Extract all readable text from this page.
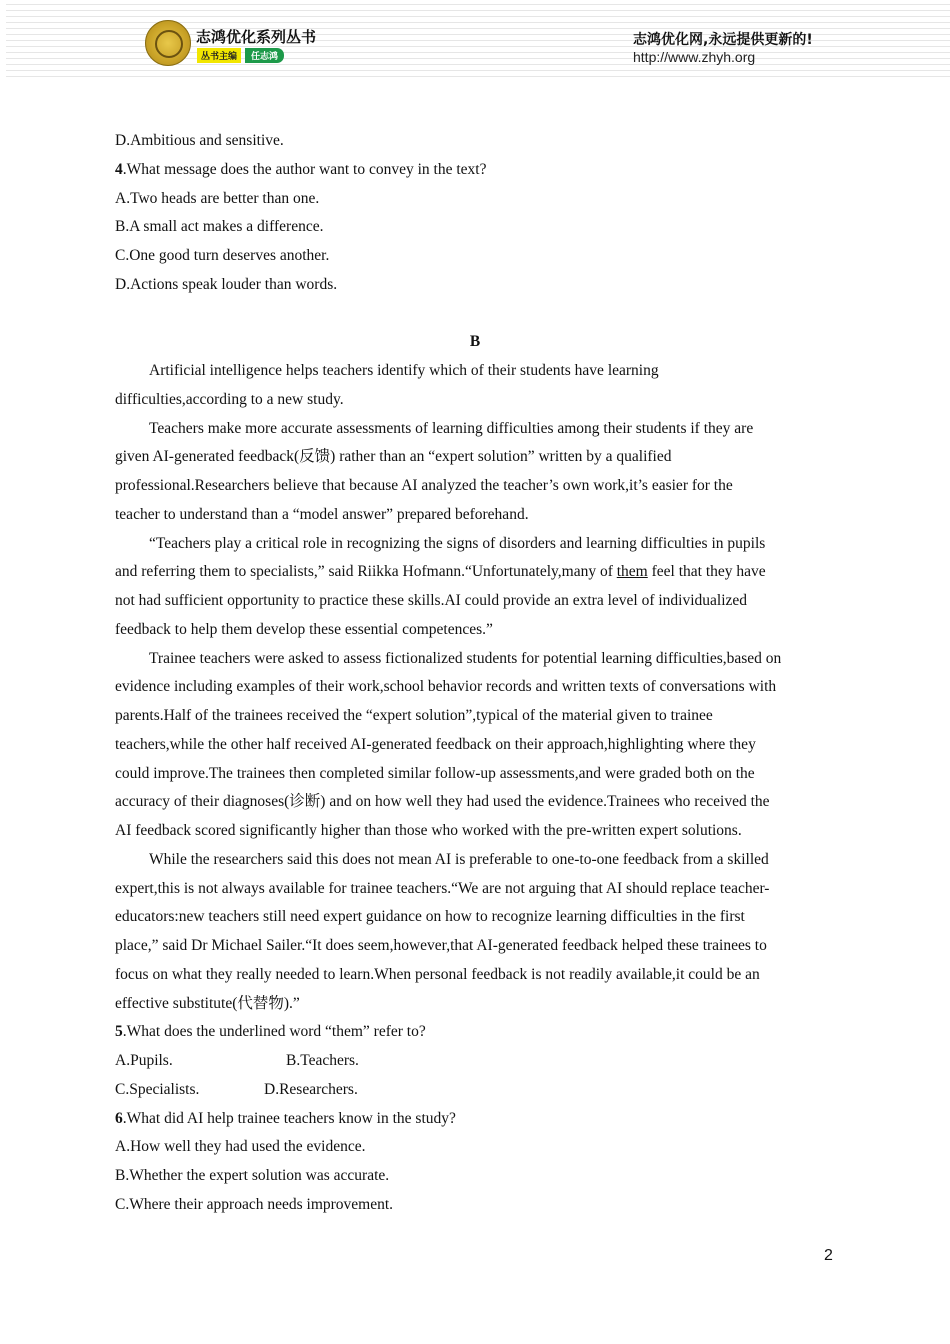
志鸿优化系列丛书
丛书主编	任志鸿
志鸿优化网,永远提供更新的!
http://www.zhyh.org
D.Ambitious and sensitive.
4.What message does the author want to convey in the text?
A.Two heads are better than one.
B.A small act makes a difference.
C.One good turn deserves another.
D.Actions speak louder than words.
B
Artificial intelligence helps teachers identify which of their students have learning
difficulties,according to a new study.
Teachers make more accurate assessments of learning difficulties among their students if they are
given AI-generated feedback(反馈) rather than an “expert solution” written by a qualified
professional.Researchers believe that because AI analyzed the teacher’s own work,it’s easier for the
teacher to understand than a “model answer” prepared beforehand.
“Teachers play a critical role in recognizing the signs of disorders and learning difficulties in pupils
and referring them to specialists,” said Riikka Hofmann.“Unfortunately,many of them feel that they have
not had sufficient opportunity to practice these skills.AI could provide an extra level of individualized
feedback to help them develop these essential competences.”
Trainee teachers were asked to assess fictionalized students for potential learning difficulties,based on
evidence including examples of their work,school behavior records and written texts of conversations with
parents.Half of the trainees received the “expert solution”,typical of the material given to trainee
teachers,while the other half received AI-generated feedback on their approach,highlighting where they
could improve.The trainees then completed similar follow-up assessments,and were graded both on the
accuracy of their diagnoses(诊断) and on how well they had used the evidence.Trainees who received the
AI feedback scored significantly higher than those who worked with the pre-written expert solutions.
While the researchers said this does not mean AI is preferable to one-to-one feedback from a skilled
expert,this is not always available for trainee teachers.“We are not arguing that AI should replace teacher-
educators:new teachers still need expert guidance on how to recognize learning difficulties in the first
place,” said Dr Michael Sailer.“It does seem,however,that AI-generated feedback helped these trainees to
focus on what they really needed to learn.When personal feedback is not readily available,it could be an
effective substitute(代替物).”
5.What does the underlined word “them” refer to?
A.Pupils.	B.Teachers.
C.Specialists.	D.Researchers.
6.What did AI help trainee teachers know in the study?
A.How well they had used the evidence.
B.Whether the expert solution was accurate.
C.Where their approach needs improvement.
2
